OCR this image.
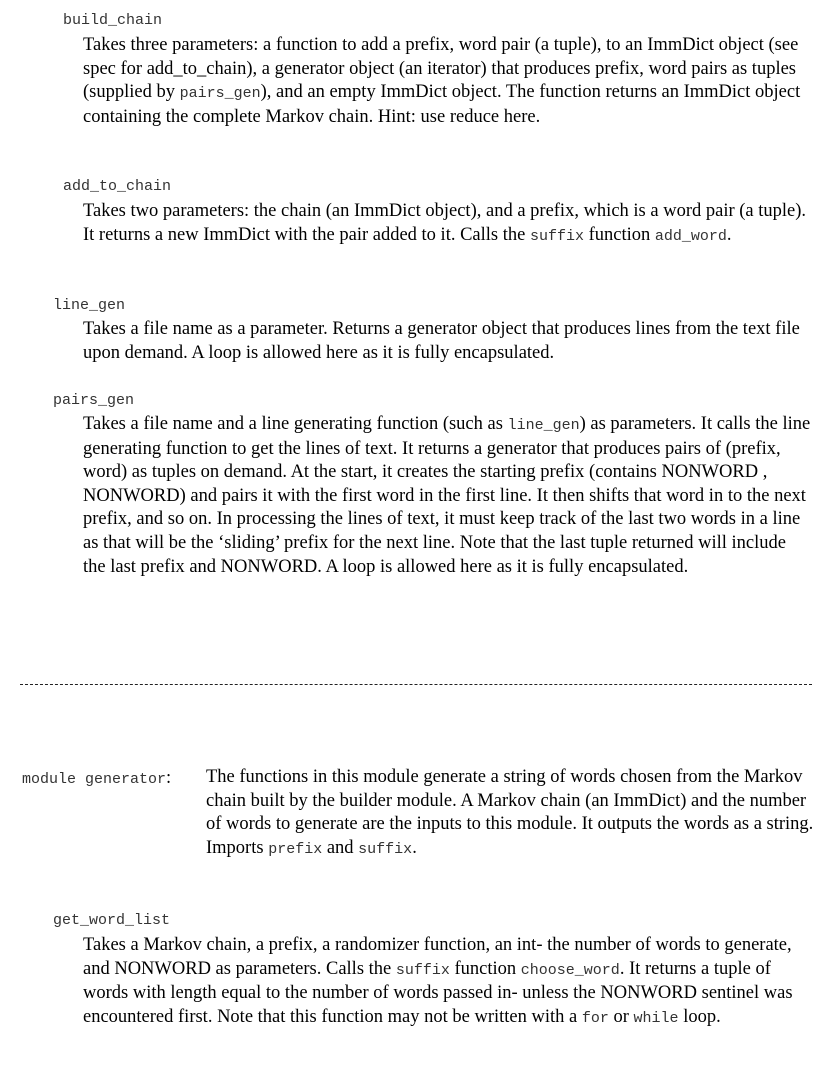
build_chain
Takes three parameters: a function to add a prefix, word pair (a tuple), to an ImmDict object (see spec for add_to_chain), a generator object (an iterator) that produces prefix, word pairs as tuples (supplied by pairs_gen), and an empty ImmDict object. The function returns an ImmDict object containing the complete Markov chain. Hint: use reduce here.
add_to_chain
Takes two parameters: the chain (an ImmDict object), and a prefix, which is a word pair (a tuple). It returns a new ImmDict with the pair added to it. Calls the suffix function add_word.
line_gen
Takes a file name as a parameter. Returns a generator object that produces lines from the text file upon demand. A loop is allowed here as it is fully encapsulated.
pairs_gen
Takes a file name and a line generating function (such as line_gen) as parameters. It calls the line generating function to get the lines of text. It returns a generator that produces pairs of (prefix, word) as tuples on demand. At the start, it creates the starting prefix (contains NONWORD , NONWORD) and pairs it with the first word in the first line. It then shifts that word in to the next prefix, and so on. In processing the lines of text, it must keep track of the last two words in a line as that will be the ‘sliding’ prefix for the next line. Note that the last tuple returned will include the last prefix and NONWORD. A loop is allowed here as it is fully encapsulated.
module generator: The functions in this module generate a string of words chosen from the Markov chain built by the builder module. A Markov chain (an ImmDict) and the number of words to generate are the inputs to this module. It outputs the words as a string. Imports prefix and suffix.
get_word_list
Takes a Markov chain, a prefix, a randomizer function, an int- the number of words to generate, and NONWORD as parameters. Calls the suffix function choose_word. It returns a tuple of words with length equal to the number of words passed in- unless the NONWORD sentinel was encountered first. Note that this function may not be written with a for or while loop.
